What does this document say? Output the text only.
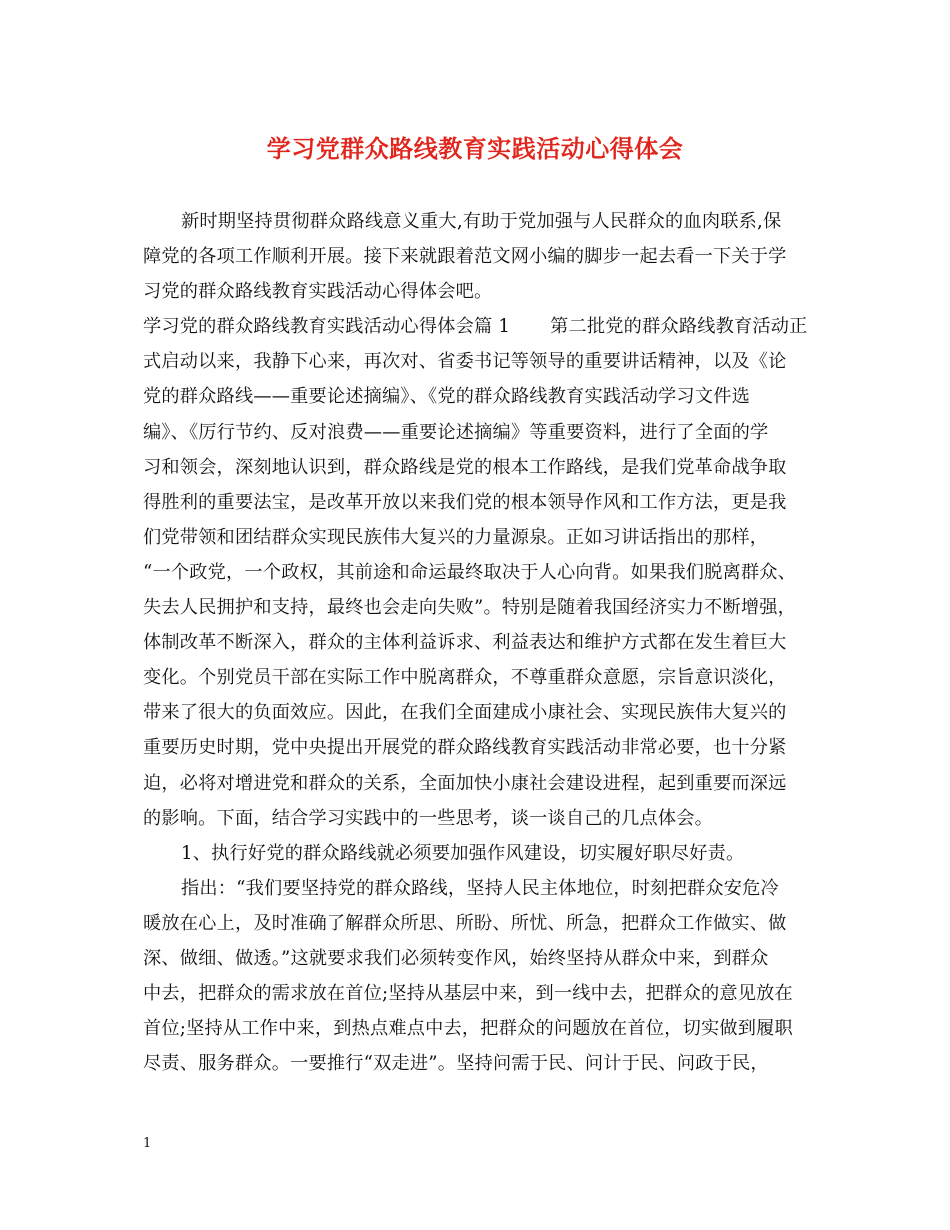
学习党群众路线教育实践活动心得体会
新时期坚持贯彻群众路线意义重大,有助于党加强与人民群众的血肉联系,保
障党的各项工作顺利开展。接下来就跟着范文网小编的脚步一起去看一下关于学
习党的群众路线教育实践活动心得体会吧。
学习党的群众路线教育实践活动心得体会篇 1 第二批党的群众路线教育活动正
式启动以来，我静下心来，再次对、省委书记等领导的重要讲话精神，以及《论
党的群众路线——重要论述摘编》、《党的群众路线教育实践活动学习文件选
编》、《厉行节约、反对浪费——重要论述摘编》等重要资料，进行了全面的学
习和领会，深刻地认识到，群众路线是党的根本工作路线，是我们党革命战争取
得胜利的重要法宝，是改革开放以来我们党的根本领导作风和工作方法，更是我
们党带领和团结群众实现民族伟大复兴的力量源泉。正如习讲话指出的那样，
“一个政党，一个政权，其前途和命运最终取决于人心向背。如果我们脱离群众、
失去人民拥护和支持，最终也会走向失败”。特别是随着我国经济实力不断增强，
体制改革不断深入，群众的主体利益诉求、利益表达和维护方式都在发生着巨大
变化。个别党员干部在实际工作中脱离群众，不尊重群众意愿，宗旨意识淡化，
带来了很大的负面效应。因此，在我们全面建成小康社会、实现民族伟大复兴的
重要历史时期，党中央提出开展党的群众路线教育实践活动非常必要，也十分紧
迫，必将对增进党和群众的关系，全面加快小康社会建设进程，起到重要而深远
的影响。下面，结合学习实践中的一些思考，谈一谈自己的几点体会。
1、执行好党的群众路线就必须要加强作风建设，切实履好职尽好责。
指出：“我们要坚持党的群众路线，坚持人民主体地位，时刻把群众安危冷
暖放在心上，及时准确了解群众所思、所盼、所忧、所急，把群众工作做实、做
深、做细、做透。”这就要求我们必须转变作风，始终坚持从群众中来，到群众
中去，把群众的需求放在首位;坚持从基层中来，到一线中去，把群众的意见放在
首位;坚持从工作中来，到热点难点中去，把群众的问题放在首位，切实做到履职
尽责、服务群众。一要推行“双走进”。坚持问需于民、问计于民、问政于民，
1
